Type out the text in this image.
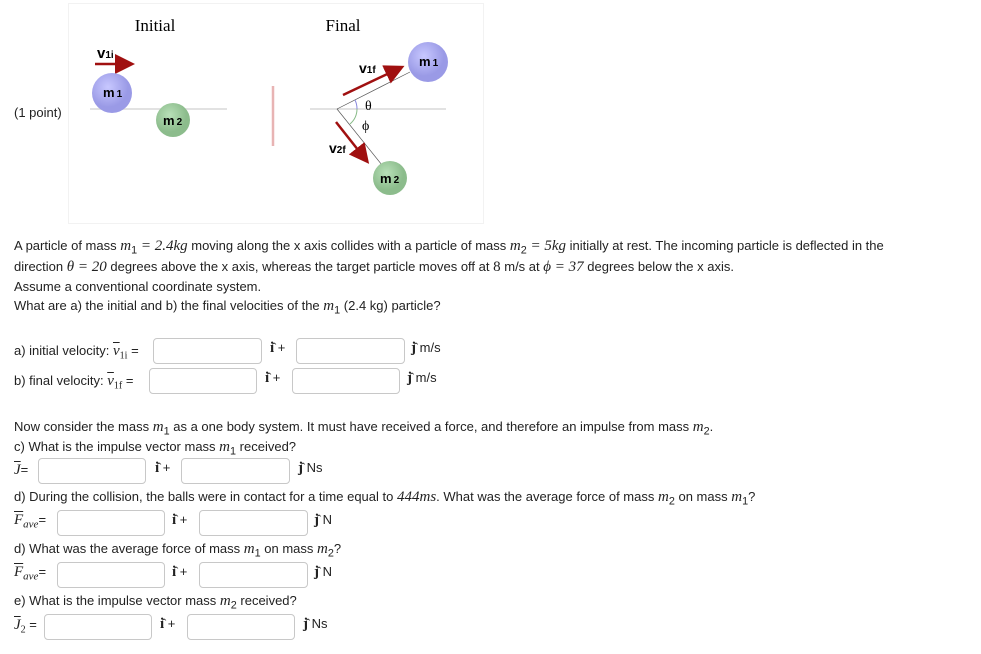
(1 point)
Initial	Final
v1i
m 1
m 2
v1f
v2f
θ
ϕ
m 1
m 2
A particle of mass $m_1 = 2.4kg$ moving along the x axis collides with a particle of mass $m_2 = 5kg$ initially at rest. The incoming particle is deflected in the
direction θ = 20 degrees above the x axis, whereas the target particle moves off at 8 m/s at ϕ = 37 degrees below the x axis.
Assume a conventional coordinate system.
What are a) the initial and b) the final velocities of the $m_1$ (2.4 kg) particle?
a) initial velocity: $\overline{v}_{1i}$ =	î +	ĵ m/s
b) final velocity: $\overline{v}_{1f}$ =	î +	ĵ m/s
Now consider the mass $m_1$ as a one body system. It must have received a force, and therefore an impulse from mass $m_2$.
c) What is the impulse vector mass $m_1$ received?
$\overline{J}=$	î +	ĵ Ns
d) During the collision, the balls were in contact for a time equal to 444ms. What was the average force of mass $m_2$ on mass $m_1$?
$\overline{F}_{ave}=$	î +	ĵ N
d) What was the average force of mass $m_1$ on mass $m_2$?
$\overline{F}_{ave}=$	î +	ĵ N
e) What is the impulse vector mass $m_2$ received?
$\overline{J}_2$ =	î +	ĵ Ns
